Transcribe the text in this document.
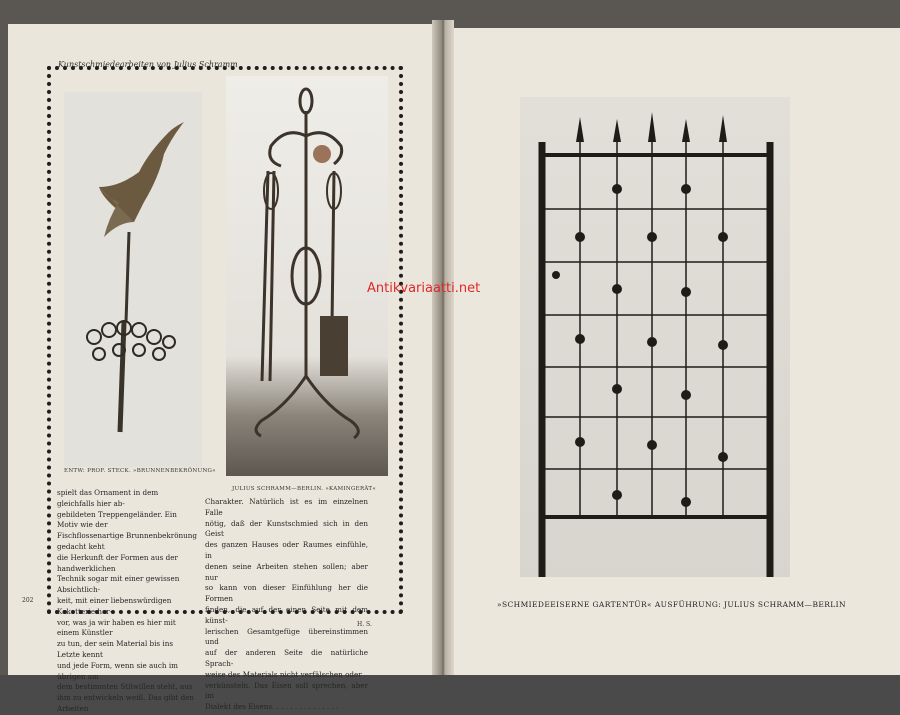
Kunstschmiedearbeiten von Julius Schramm
ENTW: PROF. STECK. »BRUNNENBEKRÖNUNG«
JULIUS SCHRAMM—BERLIN. »KAMINGERÄT«

spielt das Ornament in dem gleichfalls hier ab-

gebildeten Treppengeländer. Ein Motiv wie der

Fischflossenartige Brunnenbekrönung gedacht keht

die Herkunft der Formen aus der handwerklichen

Technik sogar mit einer gewissen Absichtlich-

keit, mit einer liebenswürdigen Koketterie her-

vor, was ja wir haben es hier mit einem Künstler

zu tun, der sein Material bis ins Letzte kennt

und jede Form, wenn sie auch im übrigen am

dem bestimmten Stilwillen steht, aus

ihm zu entwickeln weiß. Das gibt den Arbeiten

Charakter. Natürlich ist es im einzelnen Falle

nötig, daß der Kunstschmied sich in den Geist

des ganzen Hauses oder Raumes einfühle, in

denen seine Arbeiten stehen sollen; aber nur

so kann von dieser Einfühlung her die Formen

finden, die auf der einen Seite mit dem künst-

lerischen Gesamtgefüge übereinstimmen und

auf der anderen Seite die natürliche Sprach-

weise des Materials nicht verfälschen oder

verkünsteln. Das Eisen soll sprechen, aber im

Dialekt des Eisens. . . . . . . . . . . . . . .

202
H. S.
»SCHMIEDEEISERNE GARTENTÜR« AUSFÜHRUNG: JULIUS SCHRAMM—BERLIN
Antikvariaatti.net
